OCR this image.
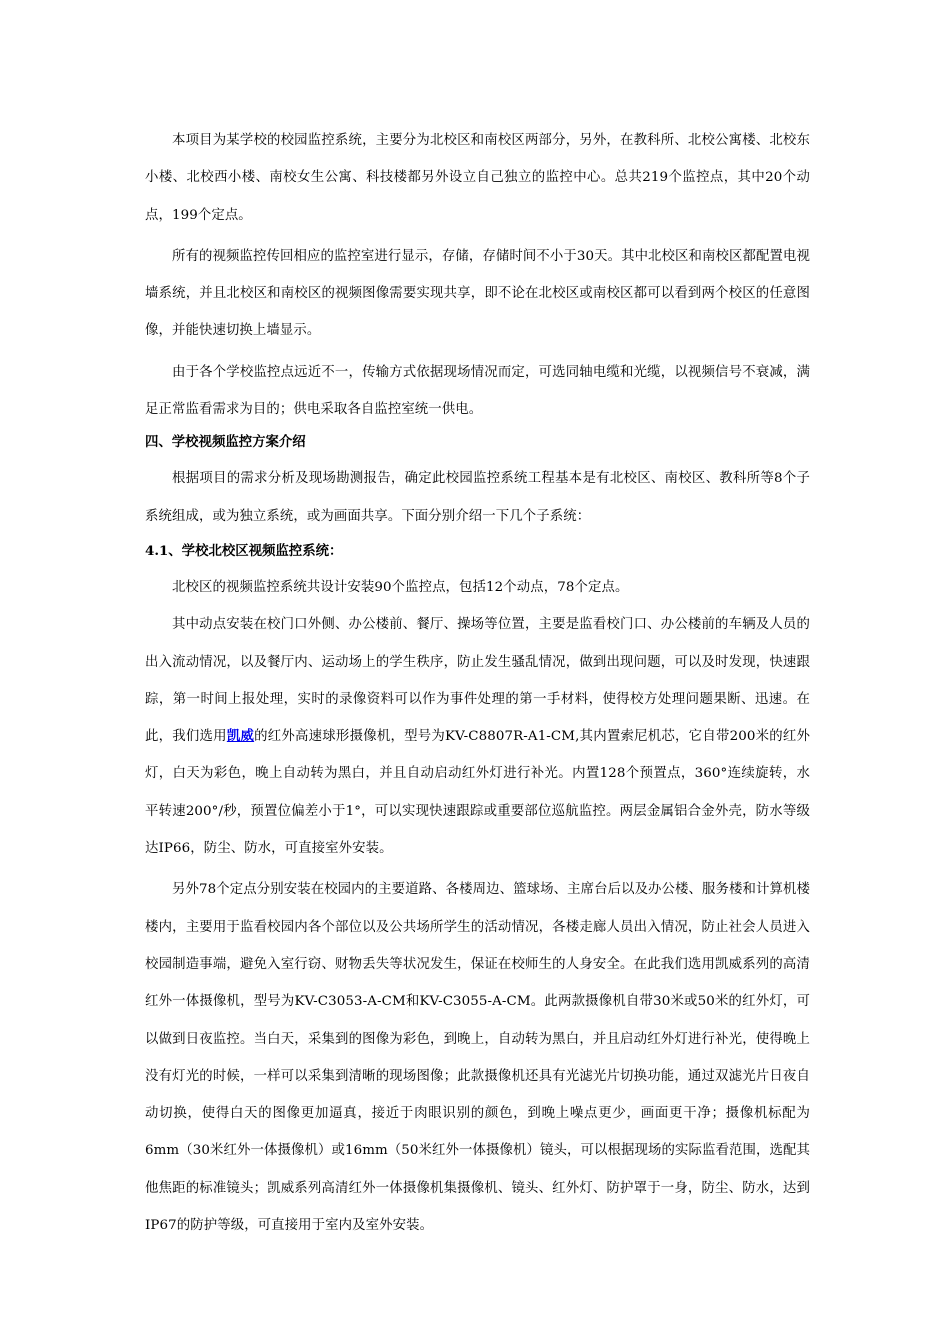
本项目为某学校的校园监控系统，主要分为北校区和南校区两部分，另外，在教科所、北校公寓楼、北校东小楼、北校西小楼、南校女生公寓、科技楼都另外设立自己独立的监控中心。总共219个监控点，其中20个动点，199个定点。

所有的视频监控传回相应的监控室进行显示，存储，存储时间不小于30天。其中北校区和南校区都配置电视墙系统，并且北校区和南校区的视频图像需要实现共享，即不论在北校区或南校区都可以看到两个校区的任意图像，并能快速切换上墙显示。

由于各个学校监控点远近不一，传输方式依据现场情况而定，可选同轴电缆和光缆，以视频信号不衰减，满足正常监看需求为目的；供电采取各自监控室统一供电。

四、学校视频监控方案介绍

根据项目的需求分析及现场勘测报告，确定此校园监控系统工程基本是有北校区、南校区、教科所等8个子系统组成，或为独立系统，或为画面共享。下面分别介绍一下几个子系统：

4.1、学校北校区视频监控系统：

北校区的视频监控系统共设计安装90个监控点，包括12个动点，78个定点。

其中动点安装在校门口外侧、办公楼前、餐厅、操场等位置，主要是监看校门口、办公楼前的车辆及人员的出入流动情况，以及餐厅内、运动场上的学生秩序，防止发生骚乱情况，做到出现问题，可以及时发现，快速跟踪，第一时间上报处理，实时的录像资料可以作为事件处理的第一手材料，使得校方处理问题果断、迅速。在此，我们选用凯威的红外高速球形摄像机，型号为KV-C8807R-A1-CM,其内置索尼机芯，它自带200米的红外灯，白天为彩色，晚上自动转为黑白，并且自动启动红外灯进行补光。内置128个预置点，360°连续旋转，水平转速200°/秒，预置位偏差小于1°，可以实现快速跟踪或重要部位巡航监控。两层金属铝合金外壳，防水等级达IP66，防尘、防水，可直接室外安装。

另外78个定点分别安装在校园内的主要道路、各楼周边、篮球场、主席台后以及办公楼、服务楼和计算机楼楼内，主要用于监看校园内各个部位以及公共场所学生的活动情况，各楼走廊人员出入情况，防止社会人员进入校园制造事端，避免入室行窃、财物丢失等状况发生，保证在校师生的人身安全。在此我们选用凯威系列的高清红外一体摄像机，型号为KV-C3053-A-CM和KV-C3055-A-CM。此两款摄像机自带30米或50米的红外灯，可以做到日夜监控。当白天，采集到的图像为彩色，到晚上，自动转为黑白，并且启动红外灯进行补光，使得晚上没有灯光的时候，一样可以采集到清晰的现场图像；此款摄像机还具有光滤光片切换功能，通过双滤光片日夜自动切换，使得白天的图像更加逼真，接近于肉眼识别的颜色，到晚上噪点更少，画面更干净；摄像机标配为6mm（30米红外一体摄像机）或16mm（50米红外一体摄像机）镜头，可以根据现场的实际监看范围，选配其他焦距的标准镜头；凯威系列高清红外一体摄像机集摄像机、镜头、红外灯、防护罩于一身，防尘、防水，达到IP67的防护等级，可直接用于室内及室外安装。
